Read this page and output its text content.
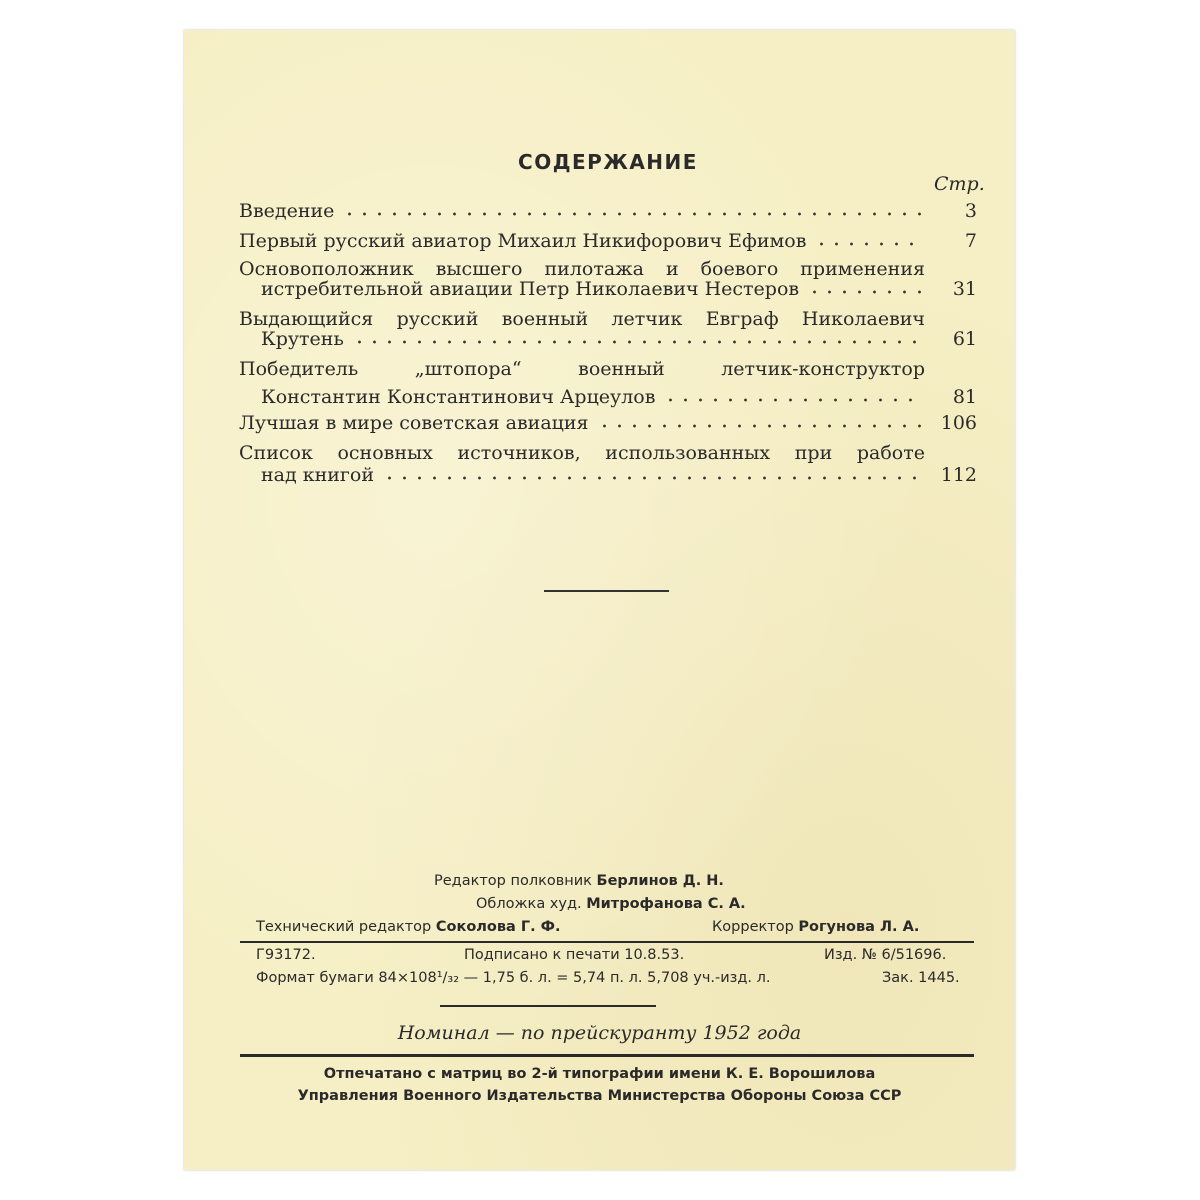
СОДЕРЖАНИЕ
Стр.
Введение	3
Первый русский авиатор Михаил Никифорович Ефимов	7
Основоположник высшего пилотажа и боевого применения
истребительной авиации Петр Николаевич Нестеров	31
Выдающийся русский военный летчик Евграф Николаевич
Крутень	61
Победитель „штопора“ военный летчик-конструктор
Константин Константинович Арцеулов	81
Лучшая в мире советская авиация	106
Список основных источников, использованных при работе
над книгой	112
Редактор полковник Берлинов Д. Н.
Обложка худ. Митрофанова С. А.
Технический редактор Соколова Г. Ф.	Корректор Рогунова Л. А.
Г93172.	Подписано к печати 10.8.53.	Изд. № 6/51696.
Формат бумаги 84×108¹/₃₂ — 1,75 б. л. = 5,74 п. л. 5,708 уч.-изд. л.	Зак. 1445.
Номинал — по прейскуранту 1952 года
Отпечатано с матриц во 2-й типографии имени К. Е. Ворошилова
Управления Военного Издательства Министерства Обороны Союза ССР
